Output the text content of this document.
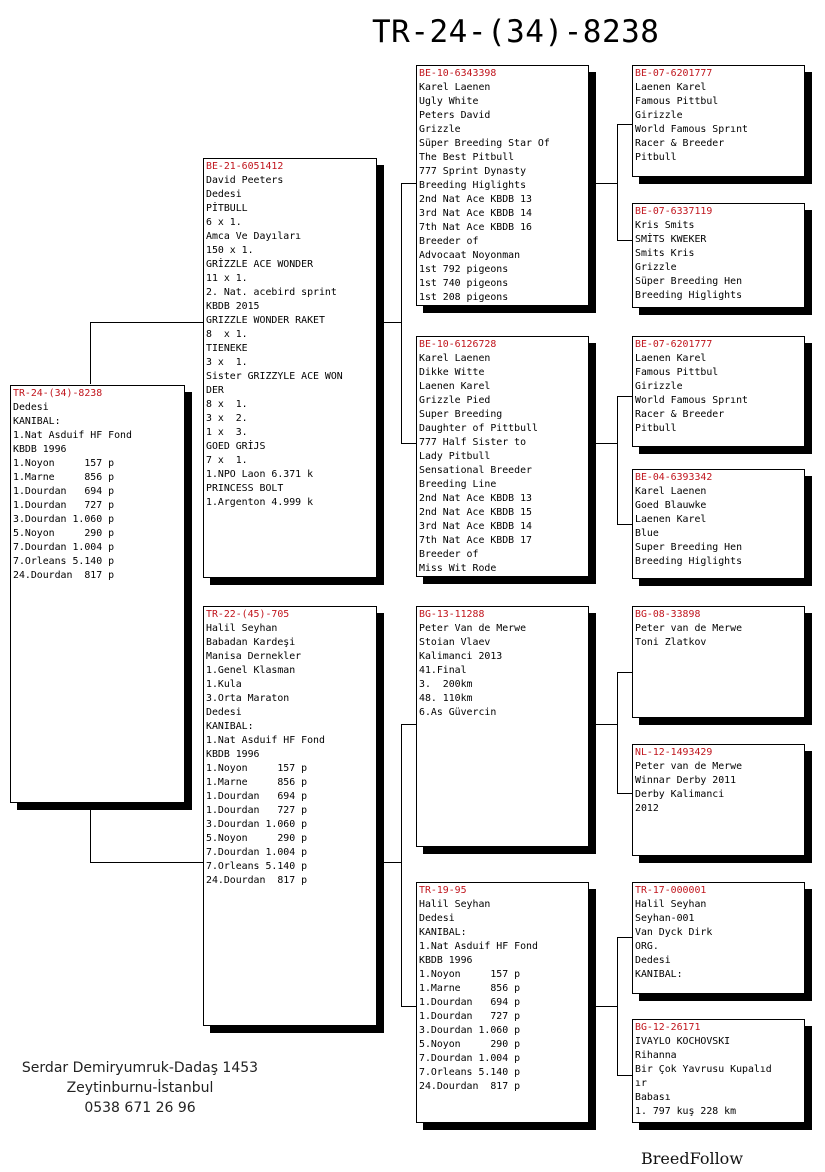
TR-24-(34)-8238
TR-24-(34)-8238
Dedesi
KANIBAL:
1.Nat Asduif HF Fond
KBDB 1996
1.Noyon     157 p
1.Marne     856 p
1.Dourdan   694 p
1.Dourdan   727 p
3.Dourdan 1.060 p
5.Noyon     290 p
7.Dourdan 1.004 p
7.Orleans 5.140 p
24.Dourdan  817 p
BE-21-6051412
David Peeters
Dedesi
PİTBULL
6 x 1.
Amca Ve Dayıları
150 x 1.
GRİZZLE ACE WONDER
11 x 1.
2. Nat. acebird sprint
KBDB 2015
GRIZZLE WONDER RAKET
8  x 1.
TIENEKE
3 x  1.
Sister GRIZZYLE ACE WON
DER
8 x  1.
3 x  2.
1 x  3.
GOED GRİJS
7 x  1.
1.NPO Laon 6.371 k
PRINCESS BOLT
1.Argenton 4.999 k
TR-22-(45)-705
Halil Seyhan
Babadan Kardeşi
Manisa Dernekler
1.Genel Klasman
1.Kula
3.Orta Maraton
Dedesi
KANIBAL:
1.Nat Asduif HF Fond
KBDB 1996
1.Noyon     157 p
1.Marne     856 p
1.Dourdan   694 p
1.Dourdan   727 p
3.Dourdan 1.060 p
5.Noyon     290 p
7.Dourdan 1.004 p
7.Orleans 5.140 p
24.Dourdan  817 p
BE-10-6343398
Karel Laenen
Ugly White
Peters David
Grizzle
Süper Breeding Star Of
The Best Pitbull
777 Sprint Dynasty
Breeding Higlights
2nd Nat Ace KBDB 13
3rd Nat Ace KBDB 14
7th Nat Ace KBDB 16
Breeder of
Advocaat Noyonman
1st 792 pigeons
1st 740 pigeons
1st 208 pigeons
BE-10-6126728
Karel Laenen
Dikke Witte
Laenen Karel
Grizzle Pied
Super Breeding
Daughter of Pittbull
777 Half Sister to
Lady Pitbull
Sensational Breeder
Breeding Line
2nd Nat Ace KBDB 13
2nd Nat Ace KBDB 15
3rd Nat Ace KBDB 14
7th Nat Ace KBDB 17
Breeder of
Miss Wit Rode
BG-13-11288
Peter Van de Merwe
Stoian Vlaev
Kalimanci 2013
41.Final
3.  200km
48. 110km
6.As Güvercin
TR-19-95
Halil Seyhan
Dedesi
KANIBAL:
1.Nat Asduif HF Fond
KBDB 1996
1.Noyon     157 p
1.Marne     856 p
1.Dourdan   694 p
1.Dourdan   727 p
3.Dourdan 1.060 p
5.Noyon     290 p
7.Dourdan 1.004 p
7.Orleans 5.140 p
24.Dourdan  817 p
BE-07-6201777
Laenen Karel
Famous Pittbul
Girizzle
World Famous Sprınt
Racer & Breeder
Pitbull
BE-07-6337119
Kris Smits
SMİTS KWEKER
Smits Kris
Grizzle
Süper Breeding Hen
Breeding Higlights
BE-07-6201777
Laenen Karel
Famous Pittbul
Girizzle
World Famous Sprınt
Racer & Breeder
Pitbull
BE-04-6393342
Karel Laenen
Goed Blauwke
Laenen Karel
Blue
Super Breeding Hen
Breeding Higlights
BG-08-33898
Peter van de Merwe
Toni Zlatkov
NL-12-1493429
Peter van de Merwe
Winnar Derby 2011
Derby Kalimanci
2012
TR-17-000001
Halil Seyhan
Seyhan-001
Van Dyck Dirk
ORG.
Dedesi
KANIBAL:
BG-12-26171
IVAYLO KOCHOVSKI
Rihanna
Bir Çok Yavrusu Kupalıd
ır
Babası
1. 797 kuş 228 km
Serdar Demiryumruk-Dadaş 1453
Zeytinburnu-İstanbul
0538 671 26 96
BreedFollow
